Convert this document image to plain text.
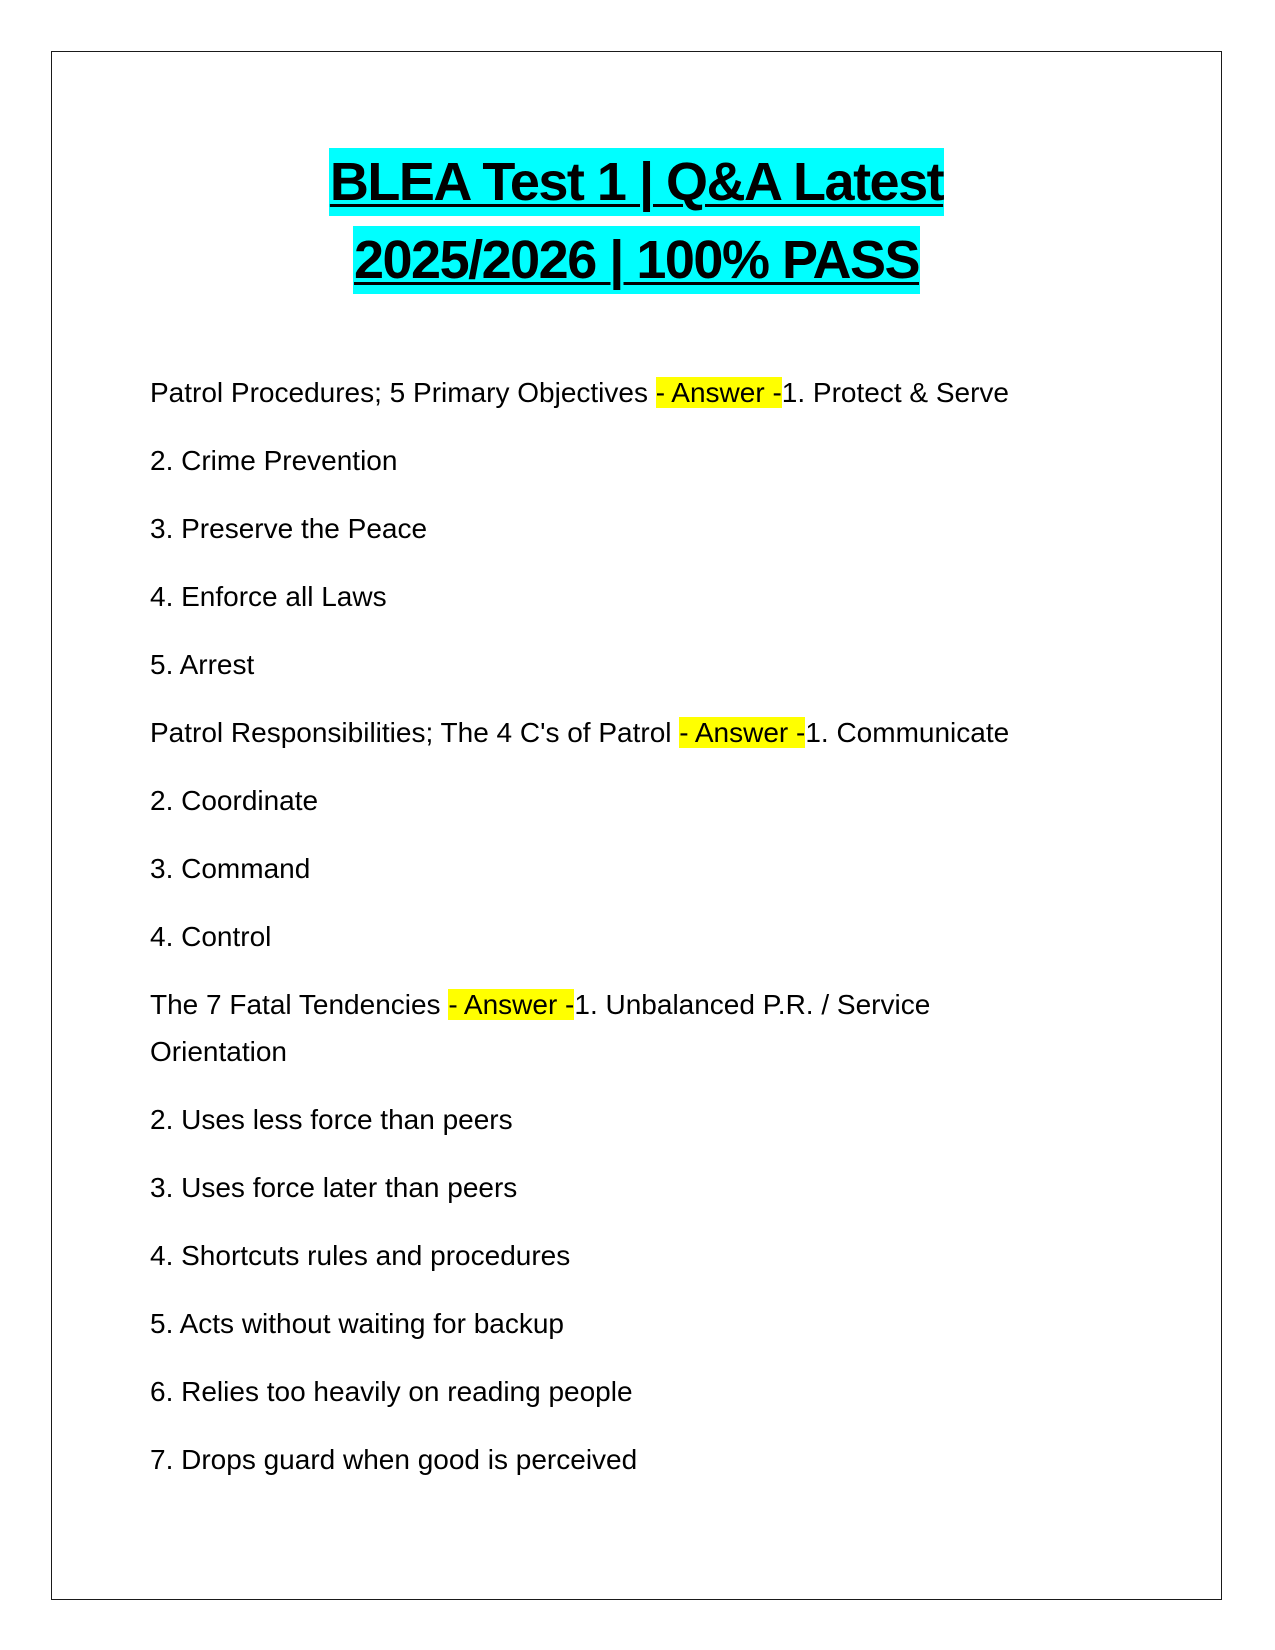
BLEA Test 1 | Q&A Latest
2025/2026 | 100% PASS

Patrol Procedures; 5 Primary Objectives - Answer -1. Protect & Serve

2. Crime Prevention

3. Preserve the Peace

4. Enforce all Laws

5. Arrest

Patrol Responsibilities; The 4 C's of Patrol - Answer -1. Communicate

2. Coordinate

3. Command

4. Control

The 7 Fatal Tendencies - Answer -1. Unbalanced P.R. / Service Orientation

2. Uses less force than peers

3. Uses force later than peers

4. Shortcuts rules and procedures

5. Acts without waiting for backup

6. Relies too heavily on reading people

7. Drops guard when good is perceived
